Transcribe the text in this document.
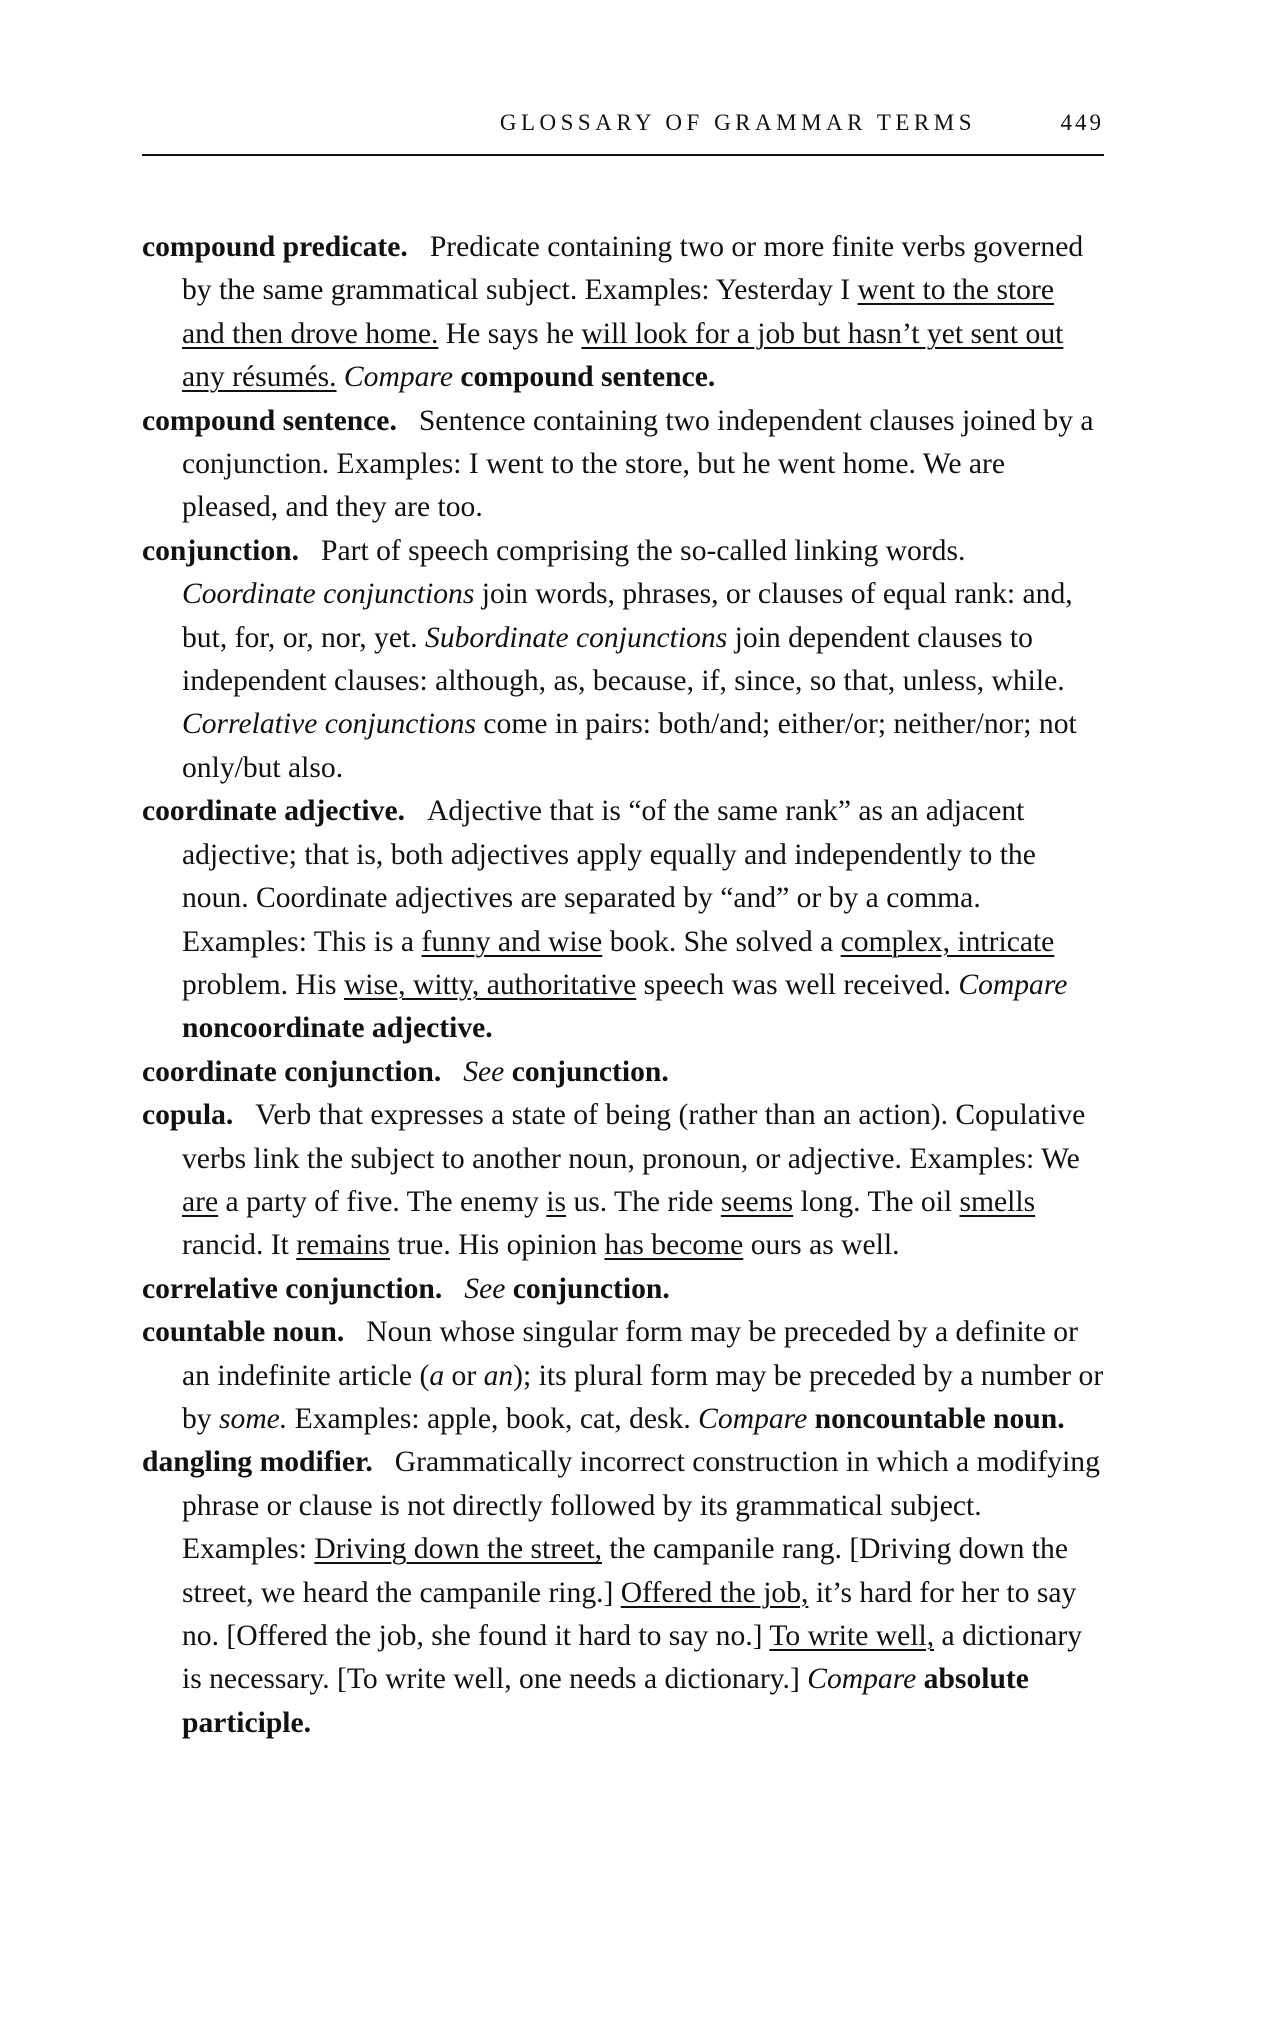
GLOSSARY OF GRAMMAR TERMS	449

compound predicate. Predicate containing two or more finite verbs governed by the same grammatical subject. Examples: Yesterday I went to the store and then drove home. He says he will look for a job but hasn’t yet sent out any résumés. Compare compound sentence.

compound sentence. Sentence containing two independent clauses joined by a conjunction. Examples: I went to the store, but he went home. We are pleased, and they are too.

conjunction. Part of speech comprising the so-called linking words. Coordinate conjunctions join words, phrases, or clauses of equal rank: and, but, for, or, nor, yet. Subordinate conjunctions join dependent clauses to independent clauses: although, as, because, if, since, so that, unless, while. Correlative conjunctions come in pairs: both/and; either/or; neither/nor; not only/but also.

coordinate adjective. Adjective that is “of the same rank” as an adjacent adjective; that is, both adjectives apply equally and independently to the noun. Coordinate adjectives are separated by “and” or by a comma. Examples: This is a funny and wise book. She solved a complex, intricate problem. His wise, witty, authoritative speech was well received. Compare noncoordinate adjective.

coordinate conjunction. See conjunction.

copula. Verb that expresses a state of being (rather than an action). Copulative verbs link the subject to another noun, pronoun, or adjective. Examples: We are a party of five. The enemy is us. The ride seems long. The oil smells rancid. It remains true. His opinion has become ours as well.

correlative conjunction. See conjunction.

countable noun. Noun whose singular form may be preceded by a definite or an indefinite article (a or an); its plural form may be preceded by a number or by some. Examples: apple, book, cat, desk. Compare noncountable noun.

dangling modifier. Grammatically incorrect construction in which a modifying phrase or clause is not directly followed by its grammatical subject. Examples: Driving down the street, the campanile rang. [Driving down the street, we heard the campanile ring.] Offered the job, it’s hard for her to say no. [Offered the job, she found it hard to say no.] To write well, a dictionary is necessary. [To write well, one needs a dictionary.] Compare absolute participle.
